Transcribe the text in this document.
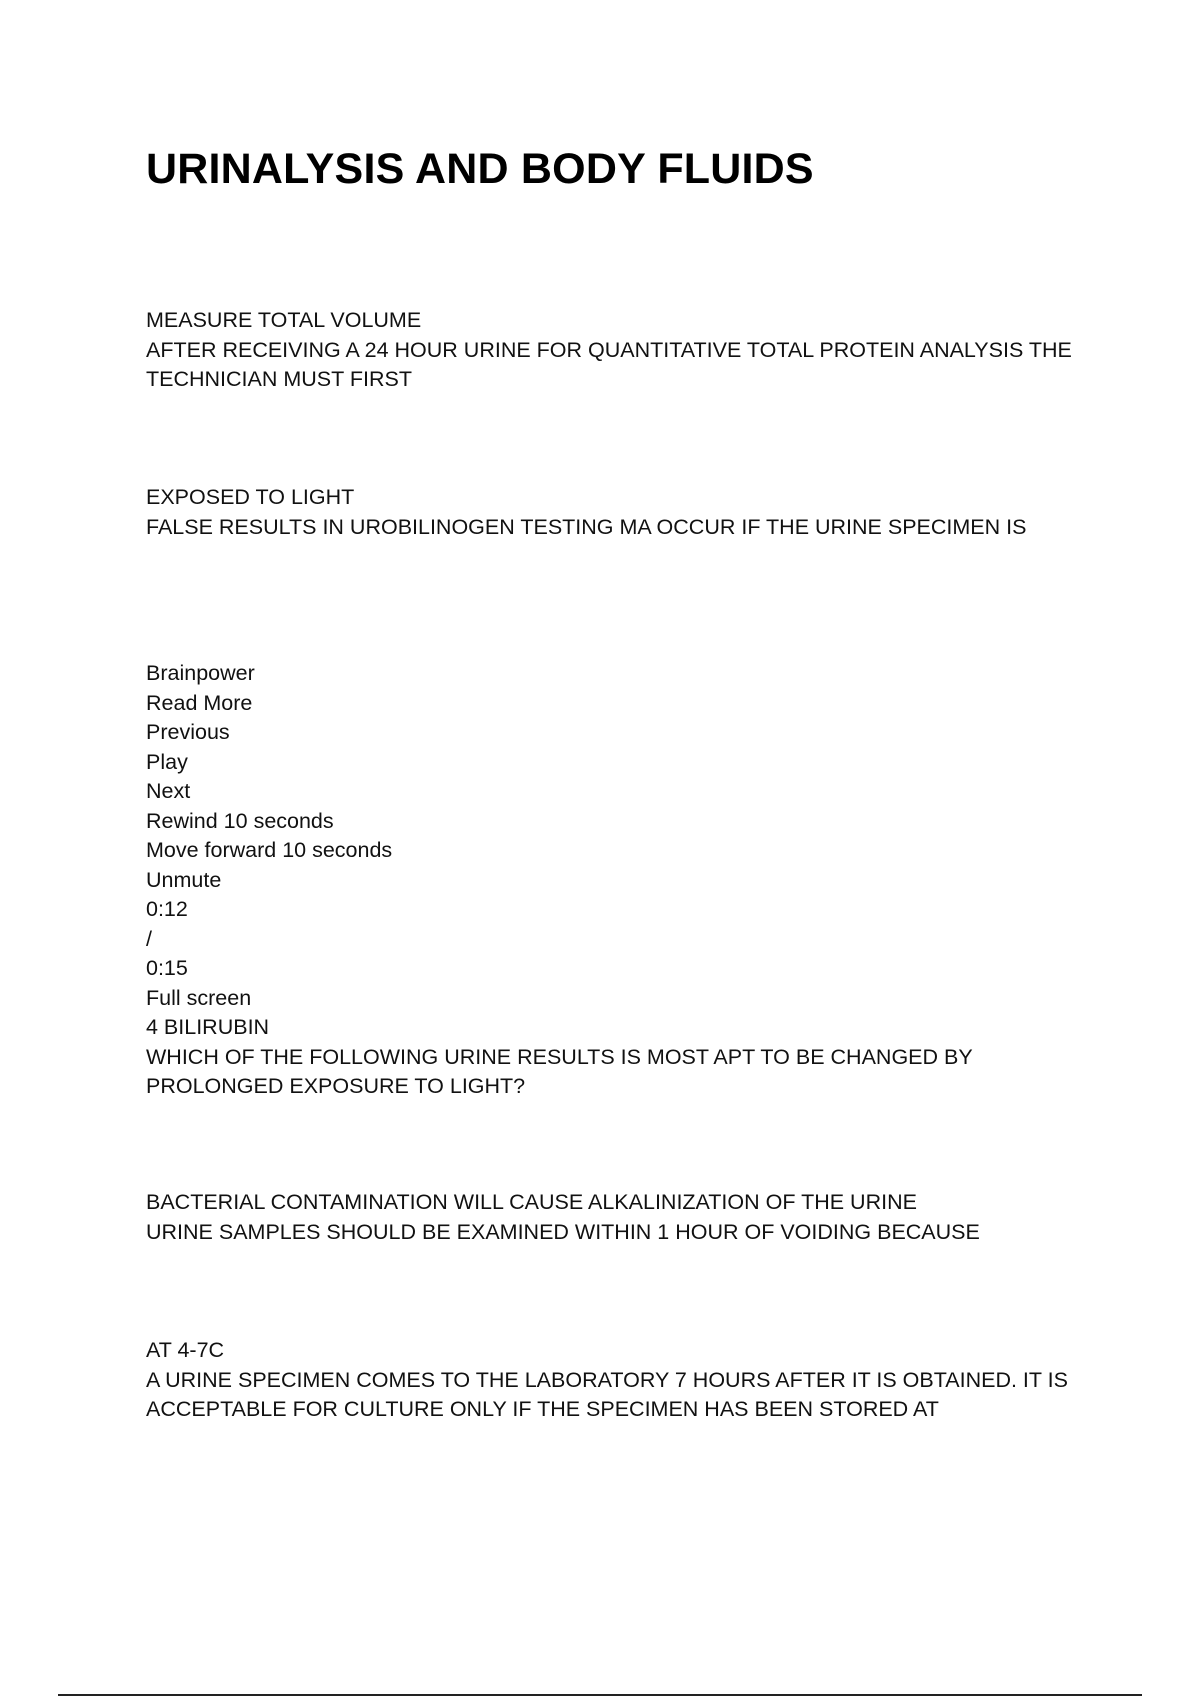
URINALYSIS AND BODY FLUIDS

MEASURE TOTAL VOLUME

AFTER RECEIVING A 24 HOUR URINE FOR QUANTITATIVE TOTAL PROTEIN ANALYSIS THE TECHNICIAN MUST FIRST

EXPOSED TO LIGHT

FALSE RESULTS IN UROBILINOGEN TESTING MA OCCUR IF THE URINE SPECIMEN IS

Brainpower

Read More

Previous

Play

Next

Rewind 10 seconds

Move forward 10 seconds

Unmute

0:12

/

0:15

Full screen

4 BILIRUBIN

WHICH OF THE FOLLOWING URINE RESULTS IS MOST APT TO BE CHANGED BY PROLONGED EXPOSURE TO LIGHT?

BACTERIAL CONTAMINATION WILL CAUSE ALKALINIZATION OF THE URINE

URINE SAMPLES SHOULD BE EXAMINED WITHIN 1 HOUR OF VOIDING BECAUSE

AT 4-7C

A URINE SPECIMEN COMES TO THE LABORATORY 7 HOURS AFTER IT IS OBTAINED. IT IS ACCEPTABLE FOR CULTURE ONLY IF THE SPECIMEN HAS BEEN STORED AT
